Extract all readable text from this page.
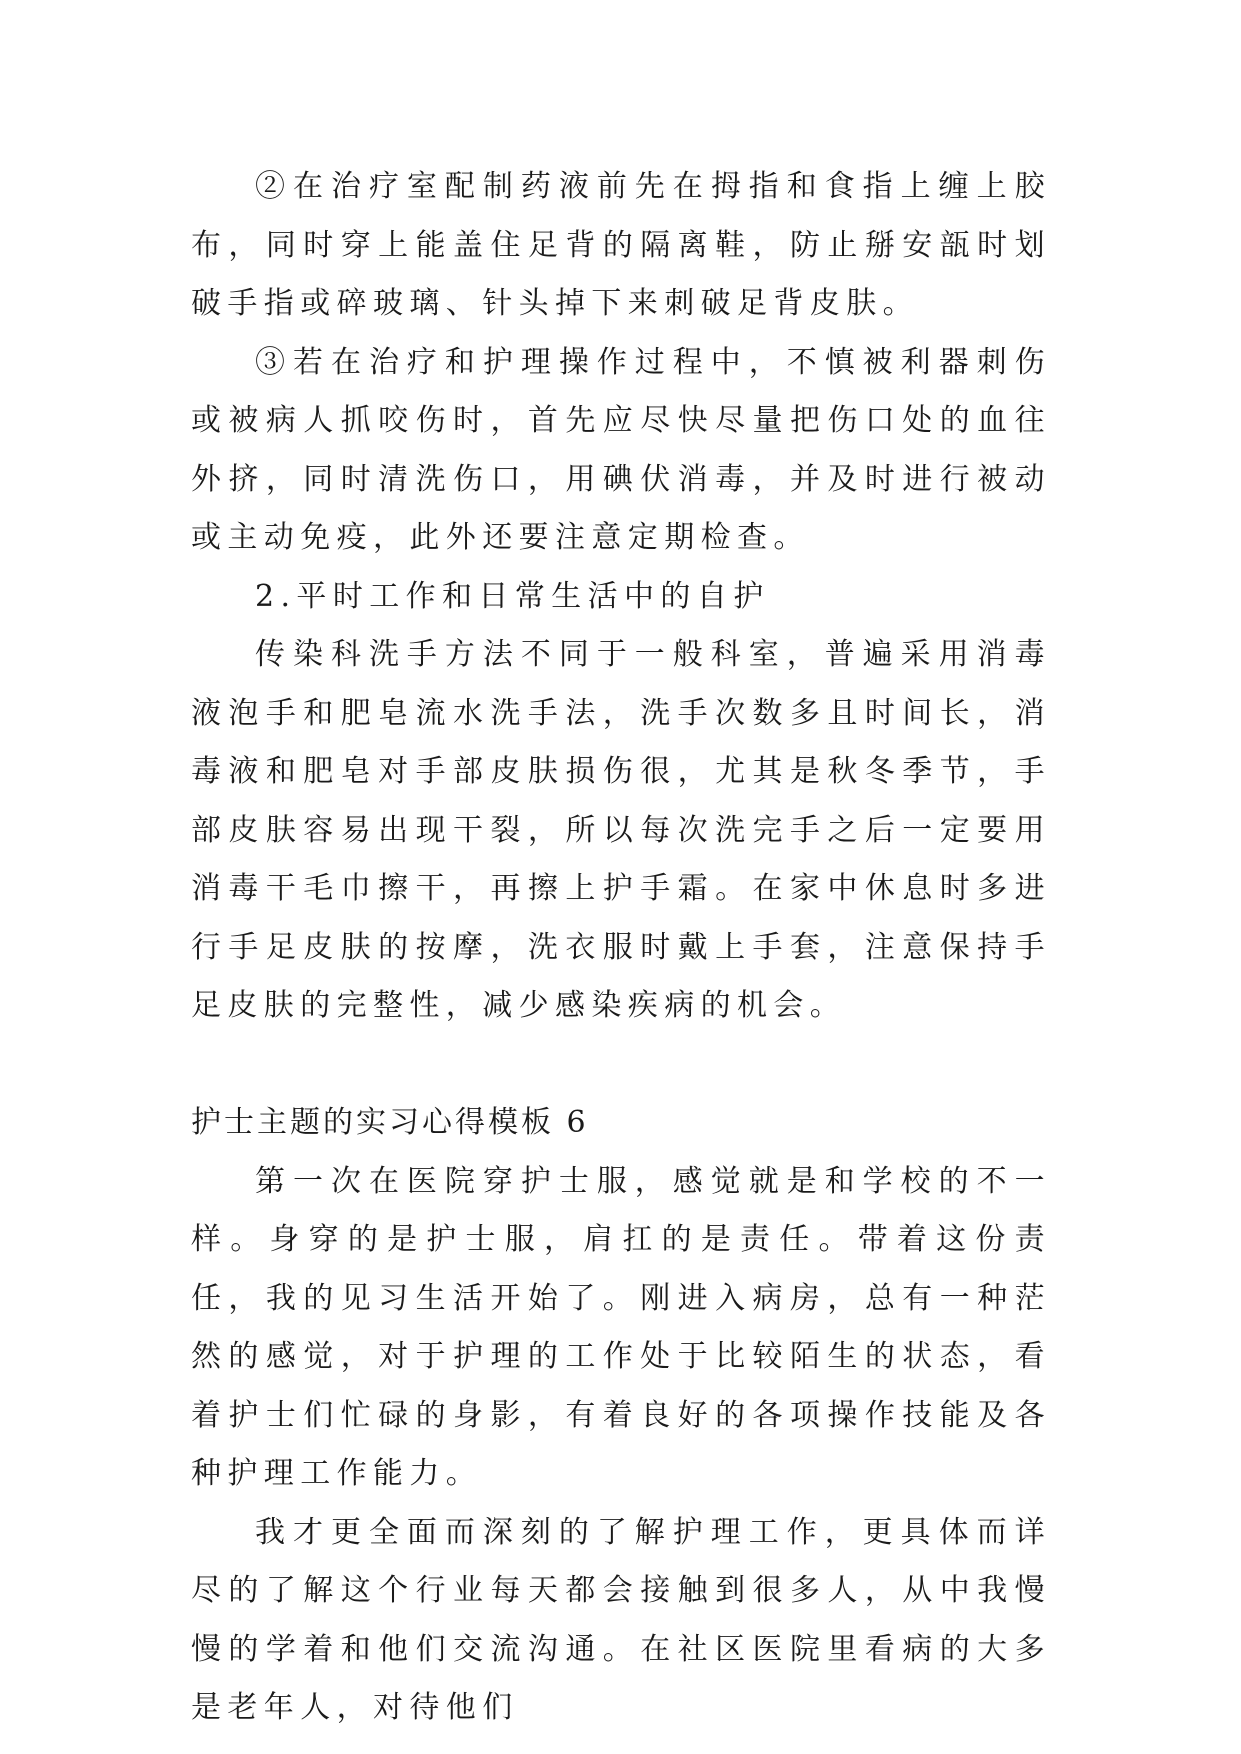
②在治疗室配制药液前先在拇指和食指上缠上胶布，同时穿上能盖住足背的隔离鞋，防止掰安瓿时划破手指或碎玻璃、针头掉下来刺破足背皮肤。

③若在治疗和护理操作过程中，不慎被利器刺伤或被病人抓咬伤时，首先应尽快尽量把伤口处的血往外挤，同时清洗伤口，用碘伏消毒，并及时进行被动或主动免疫，此外还要注意定期检查。

2.平时工作和日常生活中的自护

传染科洗手方法不同于一般科室，普遍采用消毒液泡手和肥皂流水洗手法，洗手次数多且时间长，消毒液和肥皂对手部皮肤损伤很，尤其是秋冬季节，手部皮肤容易出现干裂，所以每次洗完手之后一定要用消毒干毛巾擦干，再擦上护手霜。在家中休息时多进行手足皮肤的按摩，洗衣服时戴上手套，注意保持手足皮肤的完整性，减少感染疾病的机会。

护士主题的实习心得模板 6

第一次在医院穿护士服，感觉就是和学校的不一样。身穿的是护士服，肩扛的是责任。带着这份责任，我的见习生活开始了。刚进入病房，总有一种茫然的感觉，对于护理的工作处于比较陌生的状态，看着护士们忙碌的身影，有着良好的各项操作技能及各种护理工作能力。

我才更全面而深刻的了解护理工作，更具体而详尽的了解这个行业每天都会接触到很多人，从中我慢慢的学着和他们交流沟通。在社区医院里看病的大多是老年人，对待他们
